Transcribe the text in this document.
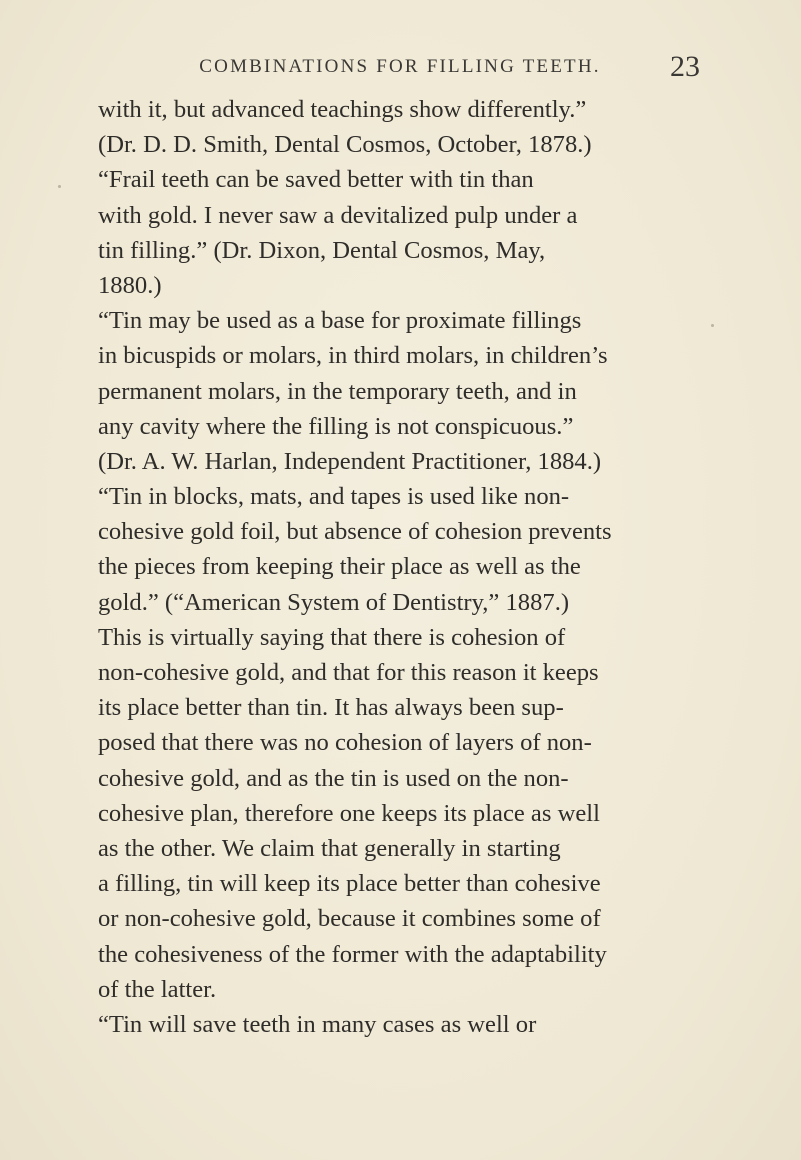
COMBINATIONS FOR FILLING TEETH.	23
with it, but advanced teachings show differently.”
(Dr. D. D. Smith, Dental Cosmos, October, 1878.)
“Frail teeth can be saved better with tin than
with gold. I never saw a devitalized pulp under a
tin filling.” (Dr. Dixon, Dental Cosmos, May,
1880.)
“Tin may be used as a base for proximate fillings
in bicuspids or molars, in third molars, in children’s
permanent molars, in the temporary teeth, and in
any cavity where the filling is not conspicuous.”
(Dr. A. W. Harlan, Independent Practitioner, 1884.)
“Tin in blocks, mats, and tapes is used like non-
cohesive gold foil, but absence of cohesion prevents
the pieces from keeping their place as well as the
gold.” (“American System of Dentistry,” 1887.)
This is virtually saying that there is cohesion of
non-cohesive gold, and that for this reason it keeps
its place better than tin. It has always been sup-
posed that there was no cohesion of layers of non-
cohesive gold, and as the tin is used on the non-
cohesive plan, therefore one keeps its place as well
as the other. We claim that generally in starting
a filling, tin will keep its place better than cohesive
or non-cohesive gold, because it combines some of
the cohesiveness of the former with the adaptability
of the latter.
“Tin will save teeth in many cases as well or
